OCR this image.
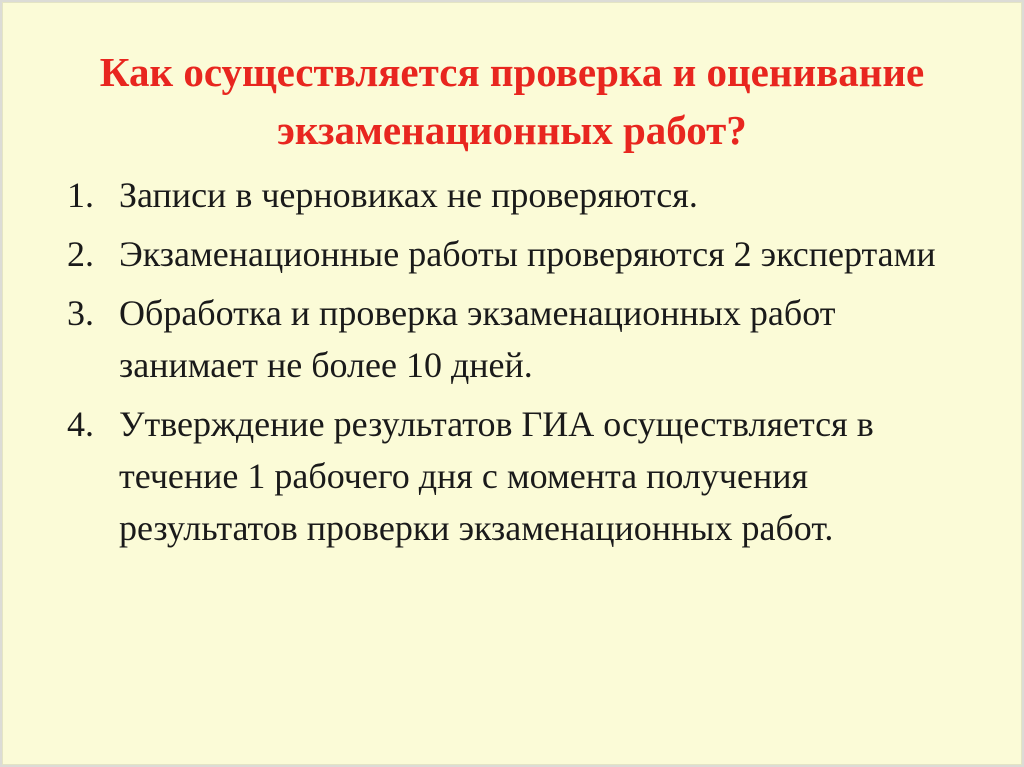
Как осуществляется проверка и оценивание
экзаменационных работ?
1. Записи в черновиках не проверяются.
2. Экзаменационные работы проверяются 2 экспертами
3. Обработка и проверка экзаменационных работ занимает не более 10 дней.
4. Утверждение результатов ГИА осуществляется в течение 1 рабочего дня с момента получения результатов проверки экзаменационных работ.
